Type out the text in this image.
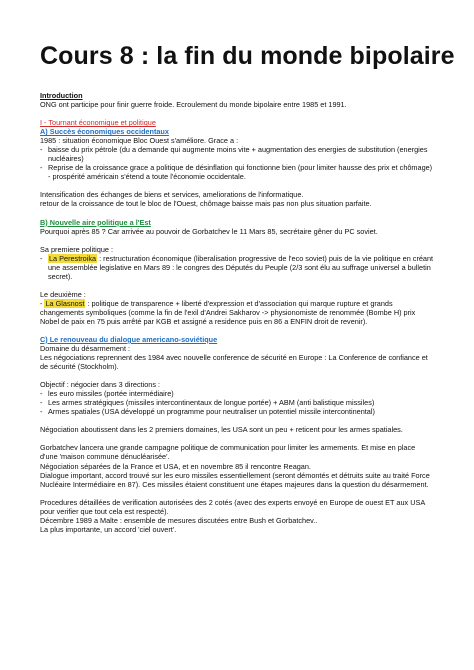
Cours 8 : la fin du monde bipolaire

Introduction

ONG ont participe pour finir guerre froide. Ecroulement du monde bipolaire entre 1985 et 1991.

I - Tournant économique et politique

A) Succès économiques occidentaux

1985 : situation économique Bloc Ouest s'améliore. Grace a :

- baisse du prix pétrole (du a demande qui augmente moins vite + augmentation des energies de substitution (energies nucléaires)

- Reprise de la croissance grace a politique de désinflation qui fonctionne bien (pour limiter hausse des prix et chômage) - prospérité américain s'étend a toute l'économie occidentale.

Intensification des échanges de biens et services, ameliorations de l'informatique.

retour de la croissance de tout le bloc de l'Ouest, chômage baisse mais pas non plus situation parfaite.

B) Nouvelle aire politique a l'Est

Pourquoi après 85 ? Car arrivée au pouvoir de Gorbatchev le 11 Mars 85, secrétaire gêner du PC soviet.

Sa premiere politique :

- La Perestroika : restructuration économique (liberalisation progressive de l'eco soviet) puis de la vie politique en créant une assemblée legislative en Mars 89 : le congres des Députés du Peuple (2/3 sont élu au suffrage universel a bulletin secret).

Le deuxième :

- La Glasnost : politique de transparence + liberté d'expression et d'association qui marque rupture et grands changements symboliques (comme la fin de l'exil d'Andrei Sakharov -> physionomiste de renommée (Bombe H) prix Nobel de paix en 75 puis arrêté par KGB et assigné a residence puis en 86 a ENFIN droit de revenir).

C) Le renouveau du dialogue americano-soviétique

Domaine du désarmement :

Les négociations reprennent des 1984 avec nouvelle conference de sécurité en Europe : La Conference de confiance et de sécurité (Stockholm).

Objectif : négocier dans 3 directions :

- les euro missiles (portée intermédiaire)

- Les armes stratégiques (missiles intercontinentaux de longue portée) + ABM (anti balistique missiles)

- Armes spatiales (USA développé un programme pour neutraliser un potentiel missile intercontinental)

Négociation aboutissent dans les 2 premiers domaines, les USA sont un peu + reticent pour les armes spatiales.

Gorbatchev lancera une grande campagne politique de communication pour limiter les armements. Et mise en place d'une 'maison commune dénucléarisée'.

Négociation séparées de la France et USA, et en novembre 85 il rencontre Reagan.

Dialogue important, accord trouvé sur les euro missiles essentiellement (seront démontés et détruits suite au traité Force Nucléaire Intermédiaire en 87). Ces missiles étaient constituent une étapes majeures dans la question du désarmement.

Procedures détaillées de verification autorisées des 2 cotés (avec des experts envoyé en Europe de ouest ET aux USA pour verifier que tout cela est respecté).

Décembre 1989 a Malte : ensemble de mesures discutées entre Bush et Gorbatchev..

La plus importante, un accord 'ciel ouvert'.
